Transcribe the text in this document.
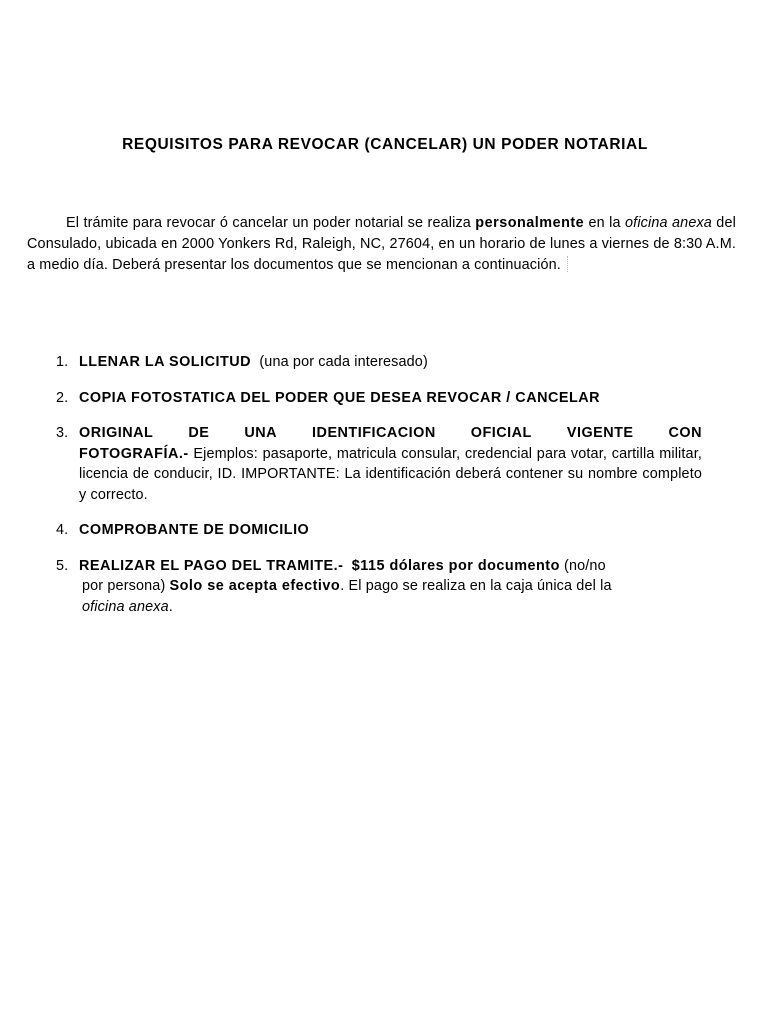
REQUISITOS PARA REVOCAR (CANCELAR) UN PODER NOTARIAL

El trámite para revocar ó cancelar un poder notarial se realiza personalmente en la oficina anexa del Consulado, ubicada en 2000 Yonkers Rd, Raleigh, NC, 27604, en un horario de lunes a viernes de 8:30 A.M. a medio día. Deberá presentar los documentos que se mencionan a continuación.

1. LLENAR LA SOLICITUD (una por cada interesado)
2. COPIA FOTOSTATICA DEL PODER QUE DESEA REVOCAR / CANCELAR
3. ORIGINAL DE UNA IDENTIFICACION OFICIAL VIGENTE CON
FOTOGRAFÍA.- Ejemplos: pasaporte, matricula consular, credencial para votar, cartilla militar, licencia de conducir, ID. IMPORTANTE: La identificación deberá contener su nombre completo y correcto.
4. COMPROBANTE DE DOMICILIO
5. REALIZAR EL PAGO DEL TRAMITE.- $115 dólares por documento (no/no
por persona) Solo se acepta efectivo. El pago se realiza en la caja única del la
oficina anexa.
